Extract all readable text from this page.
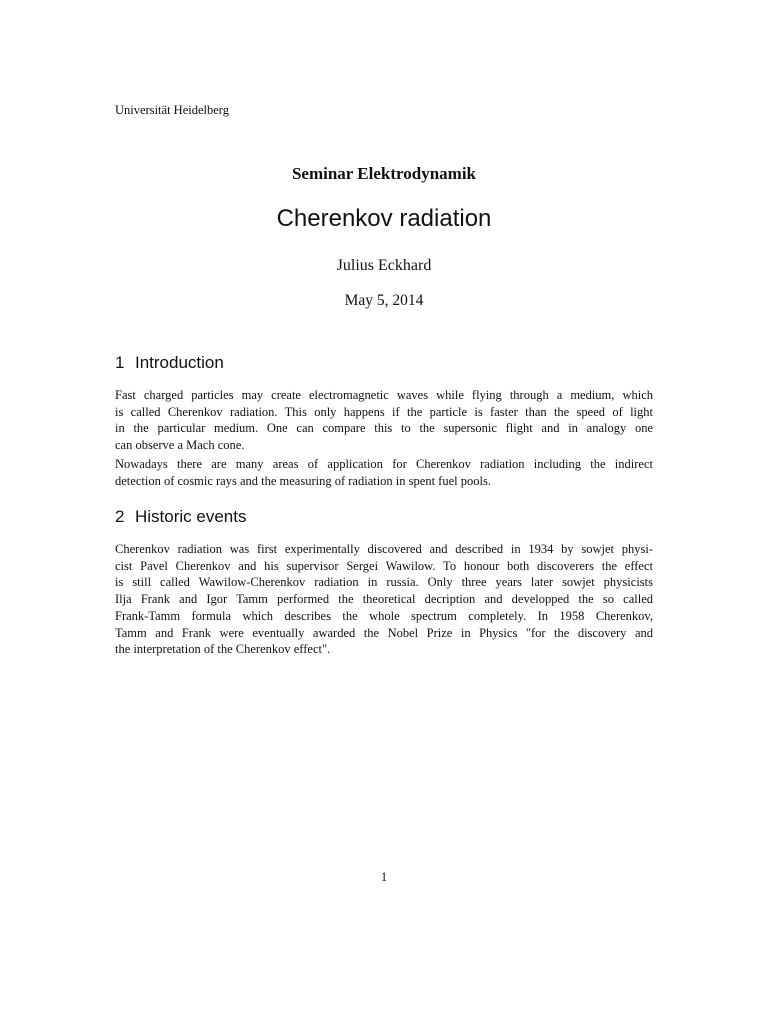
Universität Heidelberg
Seminar Elektrodynamik
Cherenkov radiation
Julius Eckhard
May 5, 2014
1 Introduction
Fast charged particles may create electromagnetic waves while flying through a medium, which
is called Cherenkov radiation. This only happens if the particle is faster than the speed of light
in the particular medium. One can compare this to the supersonic flight and in analogy one
can observe a Mach cone.
Nowadays there are many areas of application for Cherenkov radiation including the indirect
detection of cosmic rays and the measuring of radiation in spent fuel pools.
2 Historic events
Cherenkov radiation was first experimentally discovered and described in 1934 by sowjet physi-
cist Pavel Cherenkov and his supervisor Sergei Wawilow. To honour both discoverers the effect
is still called Wawilow-Cherenkov radiation in russia. Only three years later sowjet physicists
Ilja Frank and Igor Tamm performed the theoretical decription and developped the so called
Frank-Tamm formula which describes the whole spectrum completely. In 1958 Cherenkov,
Tamm and Frank were eventually awarded the Nobel Prize in Physics "for the discovery and
the interpretation of the Cherenkov effect".
1
